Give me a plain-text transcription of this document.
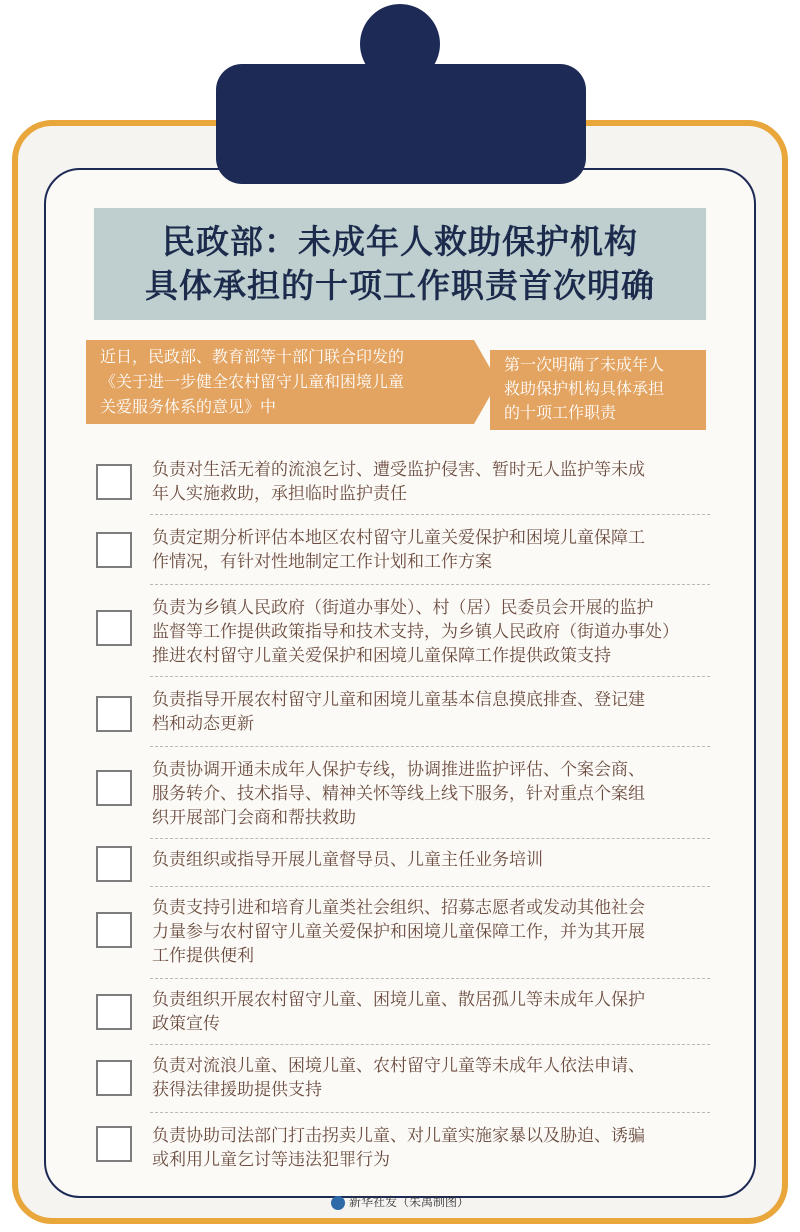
民政部：未成年人救助保护机构
具体承担的十项工作职责首次明确
近日，民政部、教育部等十部门联合印发的
《关于进一步健全农村留守儿童和困境儿童
关爱服务体系的意见》中
第一次明确了未成年人
救助保护机构具体承担
的十项工作职责
负责对生活无着的流浪乞讨、遭受监护侵害、暂时无人监护等未成
年人实施救助，承担临时监护责任
负责定期分析评估本地区农村留守儿童关爱保护和困境儿童保障工
作情况，有针对性地制定工作计划和工作方案
负责为乡镇人民政府（街道办事处）、村（居）民委员会开展的监护
监督等工作提供政策指导和技术支持，为乡镇人民政府（街道办事处）
推进农村留守儿童关爱保护和困境儿童保障工作提供政策支持
负责指导开展农村留守儿童和困境儿童基本信息摸底排查、登记建
档和动态更新
负责协调开通未成年人保护专线，协调推进监护评估、个案会商、
服务转介、技术指导、精神关怀等线上线下服务，针对重点个案组
织开展部门会商和帮扶救助
负责组织或指导开展儿童督导员、儿童主任业务培训
负责支持引进和培育儿童类社会组织、招募志愿者或发动其他社会
力量参与农村留守儿童关爱保护和困境儿童保障工作，并为其开展
工作提供便利
负责组织开展农村留守儿童、困境儿童、散居孤儿等未成年人保护
政策宣传
负责对流浪儿童、困境儿童、农村留守儿童等未成年人依法申请、
获得法律援助提供支持
负责协助司法部门打击拐卖儿童、对儿童实施家暴以及胁迫、诱骗
或利用儿童乞讨等违法犯罪行为
新华社发（朱禹制图）
